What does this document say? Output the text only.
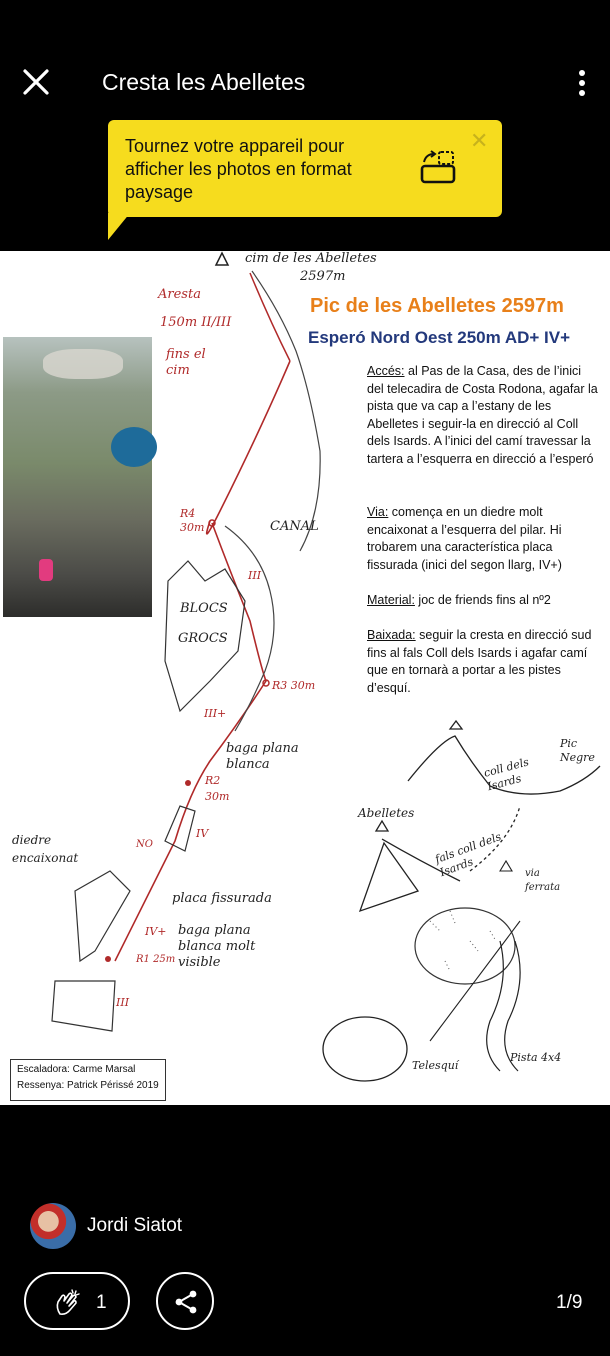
Cresta les Abelletes
Tournez votre appareil pour afficher les photos en format paysage
✕
Pic de les Abelletes 2597m
Esperó Nord Oest 250m AD+ IV+
Accés: al Pas de la Casa, des de l’inici del telecadira de Costa Rodona, agafar la pista que va cap a l’estany de les Abelletes i seguir-la en direcció al Coll dels Isards. A l’inici del camí travessar la tartera a l’esquerra en direcció a l’esperó
Via: comença en un diedre molt encaixonat a l’esquerra del pilar. Hi trobarem una característica placa fissurada (inici del segon llarg, IV+)
Material: joc de friends fins al nº2
Baixada: seguir la cresta en direcció sud fins al fals Coll dels Isards i agafar camí que en tornarà a portar a les pistes d’esquí.
cim de les Abelletes
2597m
Aresta
150m II/III
fins el cim
CANAL
BLOCS
GROCS
R4 30m
R3 30m
R2 30m
R1 25m
III
III+
IV
IV+
III
baga plana blanca
baga plana blanca molt visible
placa fissurada
diedre encaixonat
NO
Abelletes
fals coll dels Isards
coll dels Isards
Pic Negre
via ferrata
Telesquí
Pista 4x4
Escaladora: Carme Marsal
Ressenya: Patrick Périssé 2019
Jordi Siatot
1	1/9
